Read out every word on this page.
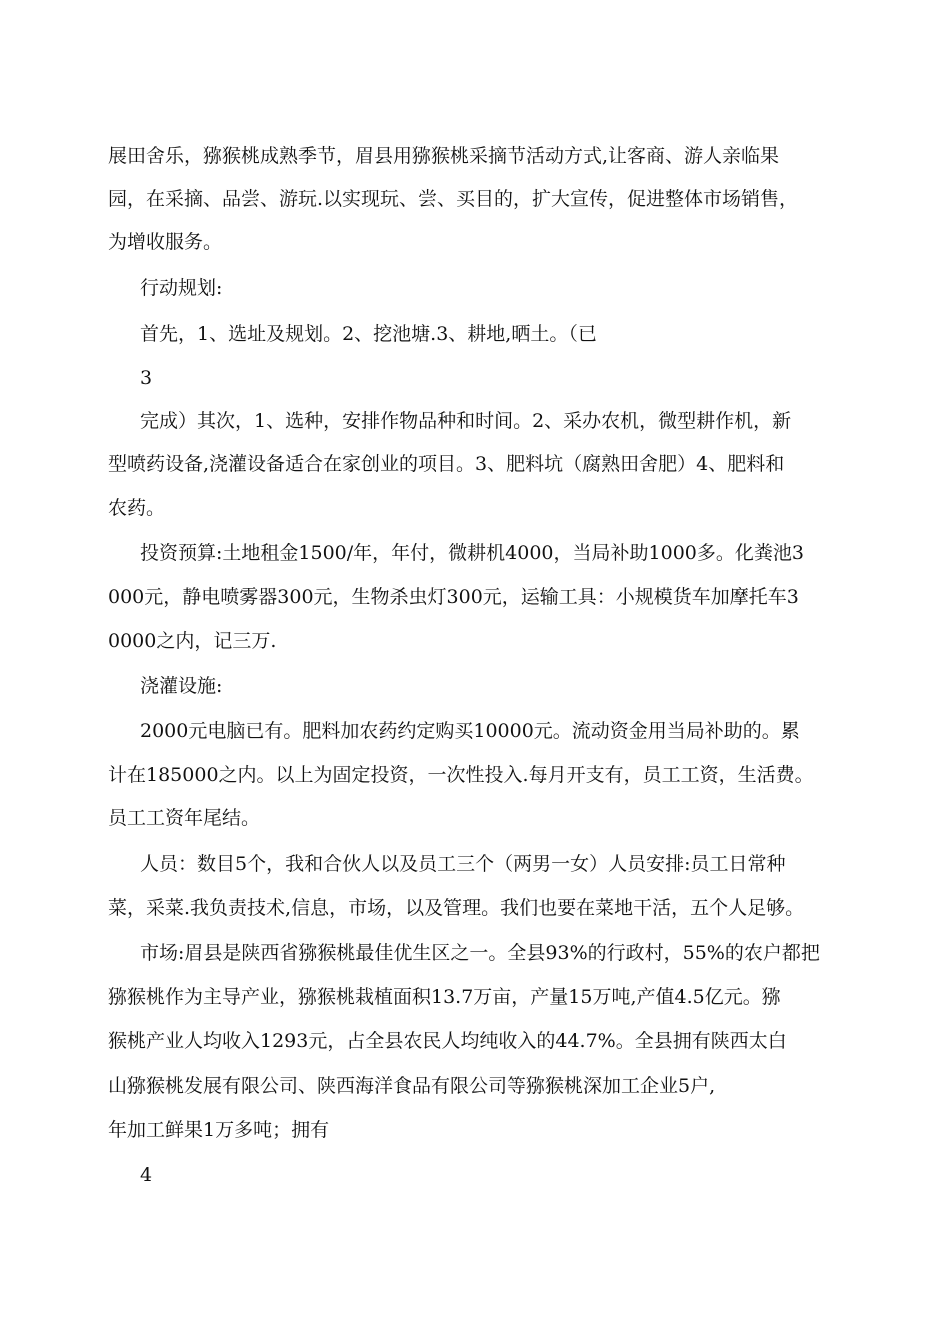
展田舍乐，猕猴桃成熟季节，眉县用猕猴桃采摘节活动方式,让客商、游人亲临果
园，在采摘、品尝、游玩.以实现玩、尝、买目的，扩大宣传，促进整体市场销售，
为增收服务。
行动规划:
首先，1、选址及规划。2、挖池塘.3、耕地,晒土。（已
3
完成）其次，1、选种，安排作物品种和时间。2、采办农机，微型耕作机，新
型喷药设备,浇灌设备适合在家创业的项目。3、肥料坑（腐熟田舍肥）4、肥料和
农药。
投资预算:土地租金1500/年，年付，微耕机4000，当局补助1000多。化粪池3
000元，静电喷雾器300元，生物杀虫灯300元，运输工具：小规模货车加摩托车3
0000之内，记三万.
浇灌设施:
2000元电脑已有。肥料加农药约定购买10000元。流动资金用当局补助的。累
计在185000之内。以上为固定投资，一次性投入.每月开支有，员工工资，生活费。
员工工资年尾结。
人员：数目5个，我和合伙人以及员工三个（两男一女）人员安排:员工日常种
菜，采菜.我负责技术,信息，市场，以及管理。我们也要在菜地干活，五个人足够。
市场:眉县是陕西省猕猴桃最佳优生区之一。全县93%的行政村，55%的农户都把
猕猴桃作为主导产业，猕猴桃栽植面积13.7万亩，产量15万吨,产值4.5亿元。猕
猴桃产业人均收入1293元，占全县农民人均纯收入的44.7%。全县拥有陕西太白
山猕猴桃发展有限公司、陕西海洋食品有限公司等猕猴桃深加工企业5户,
年加工鲜果1万多吨；拥有
4
